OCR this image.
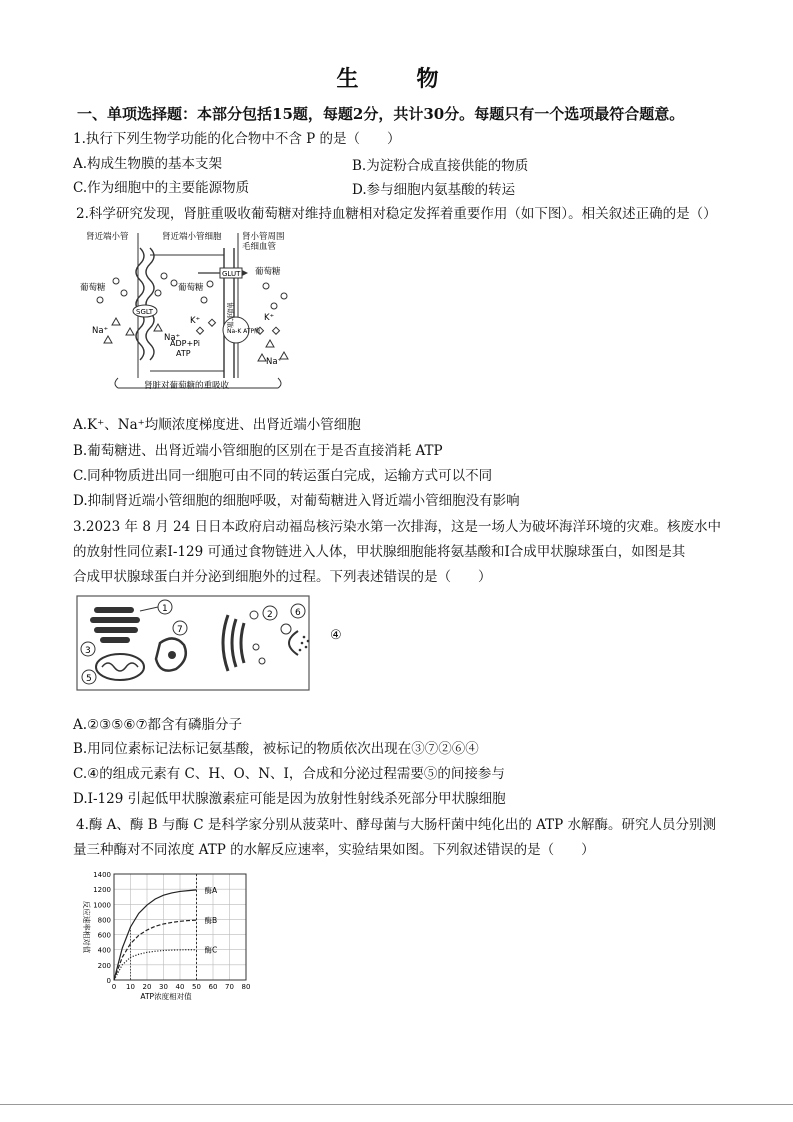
生　物
一、单项选择题：本部分包括15题，每题2分，共计30分。每题只有一个选项最符合题意。
1.执行下列生物学功能的化合物中不含 P 的是（　　）
A.构成生物膜的基本支架	B.为淀粉合成直接供能的物质
C.作为细胞中的主要能源物质	D.参与细胞内氨基酸的转运
2.科学研究发现，肾脏重吸收葡萄糖对维持血糖相对稳定发挥着重要作用（如下图）。相关叙述正确的是（）
肾近端小管	肾近端小管细胞 肾小管周围
毛细血管
GLUT 葡萄糖
SGLT
葡萄糖	葡萄糖
Na⁺
Na⁺
Na⁺
K⁺	K⁺
ADP+Pi
ATP
Na-K ATP酶
协助扩散
肾脏对葡萄糖的重吸收
A.K⁺、Na⁺均顺浓度梯度进、出肾近端小管细胞
B.葡萄糖进、出肾近端小管细胞的区别在于是否直接消耗 ATP
C.同种物质进出同一细胞可由不同的转运蛋白完成，运输方式可以不同
D.抑制肾近端小管细胞的细胞呼吸，对葡萄糖进入肾近端小管细胞没有影响
3.2023 年 8 月 24 日日本政府启动福岛核污染水第一次排海，这是一场人为破坏海洋环境的灾难。核废水中
的放射性同位素Ⅰ-129 可通过食物链进入人体，甲状腺细胞能将氨基酸和Ⅰ合成甲状腺球蛋白，如图是其
合成甲状腺球蛋白并分泌到细胞外的过程。下列表述错误的是（　　）
1
3
5
7
2 6
④
A.②③⑤⑥⑦都含有磷脂分子
B.用同位素标记法标记氨基酸，被标记的物质依次出现在③⑦②⑥④
C.④的组成元素有 C、H、O、N、I，合成和分泌过程需要⑤的间接参与
D.Ⅰ-129 引起低甲状腺激素症可能是因为放射性射线杀死部分甲状腺细胞
4.酶 A、酶 B 与酶 C 是科学家分别从菠菜叶、酵母菌与大肠杆菌中纯化出的 ATP 水解酶。研究人员分别测
量三种酶对不同浓度 ATP 的水解反应速率，实验结果如图。下列叙述错误的是（　　）
0
200
400
600
800
1000
1200
1400
0 10 20 30 40 50 60 70 80
ATP浓度相对值
反应速率相对值
酶A
酶B
酶C
